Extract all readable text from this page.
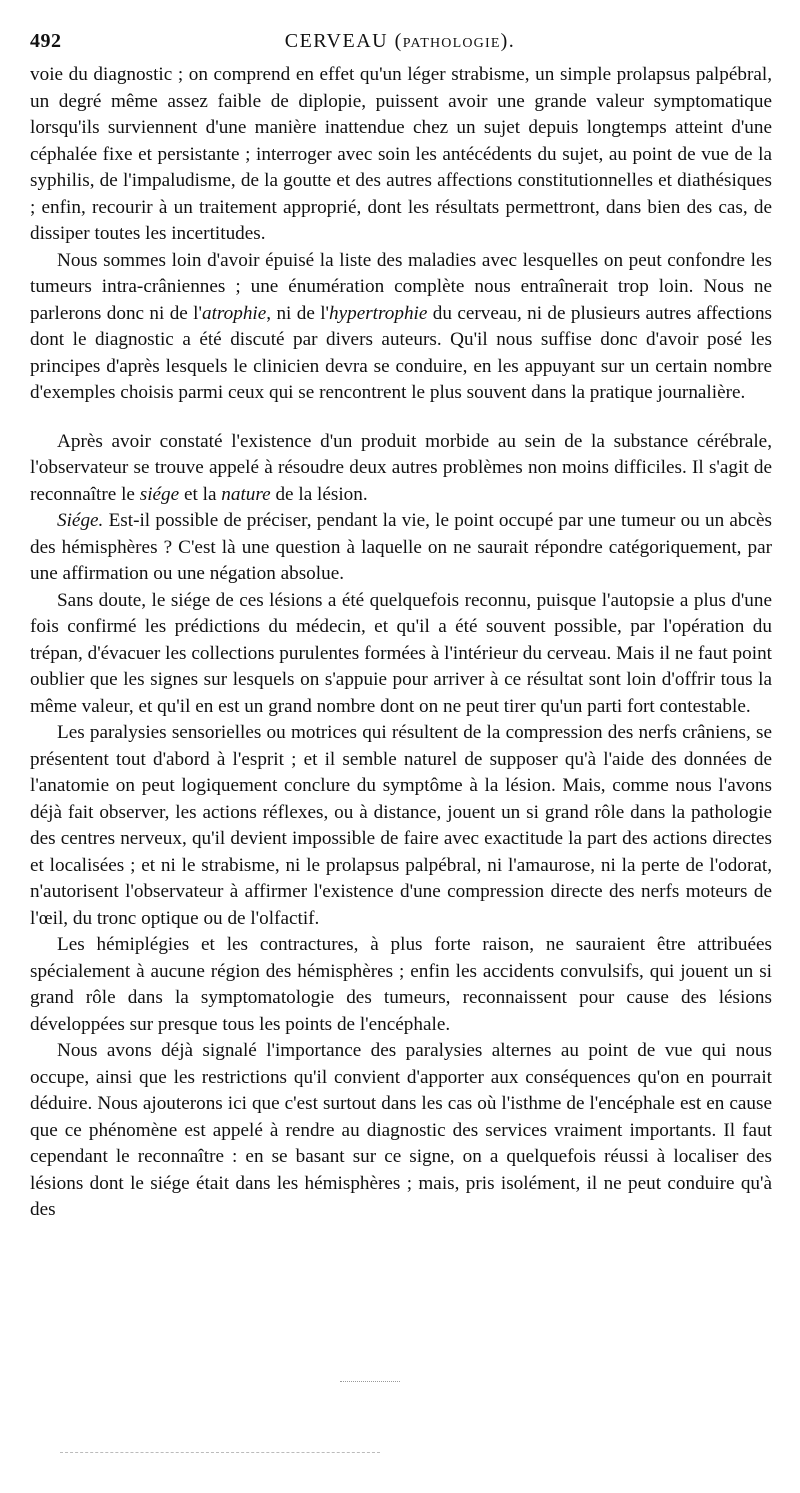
492	CERVEAU (PATHOLOGIE).

voie du diagnostic ; on comprend en effet qu'un léger strabisme, un simple prolapsus palpébral, un degré même assez faible de diplopie, puissent avoir une grande valeur symptomatique lorsqu'ils surviennent d'une manière inattendue chez un sujet depuis longtemps atteint d'une céphalée fixe et persistante ; interroger avec soin les antécédents du sujet, au point de vue de la syphilis, de l'impaludisme, de la goutte et des autres affections constitutionnelles et diathésiques ; enfin, recourir à un traitement approprié, dont les résultats permettront, dans bien des cas, de dissiper toutes les incertitudes.

Nous sommes loin d'avoir épuisé la liste des maladies avec lesquelles on peut confondre les tumeurs intra-crâniennes ; une énumération complète nous entraînerait trop loin. Nous ne parlerons donc ni de l'atrophie, ni de l'hypertrophie du cerveau, ni de plusieurs autres affections dont le diagnostic a été discuté par divers auteurs. Qu'il nous suffise donc d'avoir posé les principes d'après lesquels le clinicien devra se conduire, en les appuyant sur un certain nombre d'exemples choisis parmi ceux qui se rencontrent le plus souvent dans la pratique journalière.

Après avoir constaté l'existence d'un produit morbide au sein de la substance cérébrale, l'observateur se trouve appelé à résoudre deux autres problèmes non moins difficiles. Il s'agit de reconnaître le siége et la nature de la lésion.

Siége. Est-il possible de préciser, pendant la vie, le point occupé par une tumeur ou un abcès des hémisphères ? C'est là une question à laquelle on ne saurait répondre catégoriquement, par une affirmation ou une négation absolue.

Sans doute, le siége de ces lésions a été quelquefois reconnu, puisque l'autopsie a plus d'une fois confirmé les prédictions du médecin, et qu'il a été souvent possible, par l'opération du trépan, d'évacuer les collections purulentes formées à l'intérieur du cerveau. Mais il ne faut point oublier que les signes sur lesquels on s'appuie pour arriver à ce résultat sont loin d'offrir tous la même valeur, et qu'il en est un grand nombre dont on ne peut tirer qu'un parti fort contestable.

Les paralysies sensorielles ou motrices qui résultent de la compression des nerfs crâniens, se présentent tout d'abord à l'esprit ; et il semble naturel de supposer qu'à l'aide des données de l'anatomie on peut logiquement conclure du symptôme à la lésion. Mais, comme nous l'avons déjà fait observer, les actions réflexes, ou à distance, jouent un si grand rôle dans la pathologie des centres nerveux, qu'il devient impossible de faire avec exactitude la part des actions directes et localisées ; et ni le strabisme, ni le prolapsus palpébral, ni l'amaurose, ni la perte de l'odorat, n'autorisent l'observateur à affirmer l'existence d'une compression directe des nerfs moteurs de l'œil, du tronc optique ou de l'olfactif.

Les hémiplégies et les contractures, à plus forte raison, ne sauraient être attribuées spécialement à aucune région des hémisphères ; enfin les accidents convulsifs, qui jouent un si grand rôle dans la symptomatologie des tumeurs, reconnaissent pour cause des lésions développées sur presque tous les points de l'encéphale.

Nous avons déjà signalé l'importance des paralysies alternes au point de vue qui nous occupe, ainsi que les restrictions qu'il convient d'apporter aux conséquences qu'on en pourrait déduire. Nous ajouterons ici que c'est surtout dans les cas où l'isthme de l'encéphale est en cause que ce phénomène est appelé à rendre au diagnostic des services vraiment importants. Il faut cependant le reconnaître : en se basant sur ce signe, on a quelquefois réussi à localiser des lésions dont le siége était dans les hémisphères ; mais, pris isolément, il ne peut conduire qu'à des
